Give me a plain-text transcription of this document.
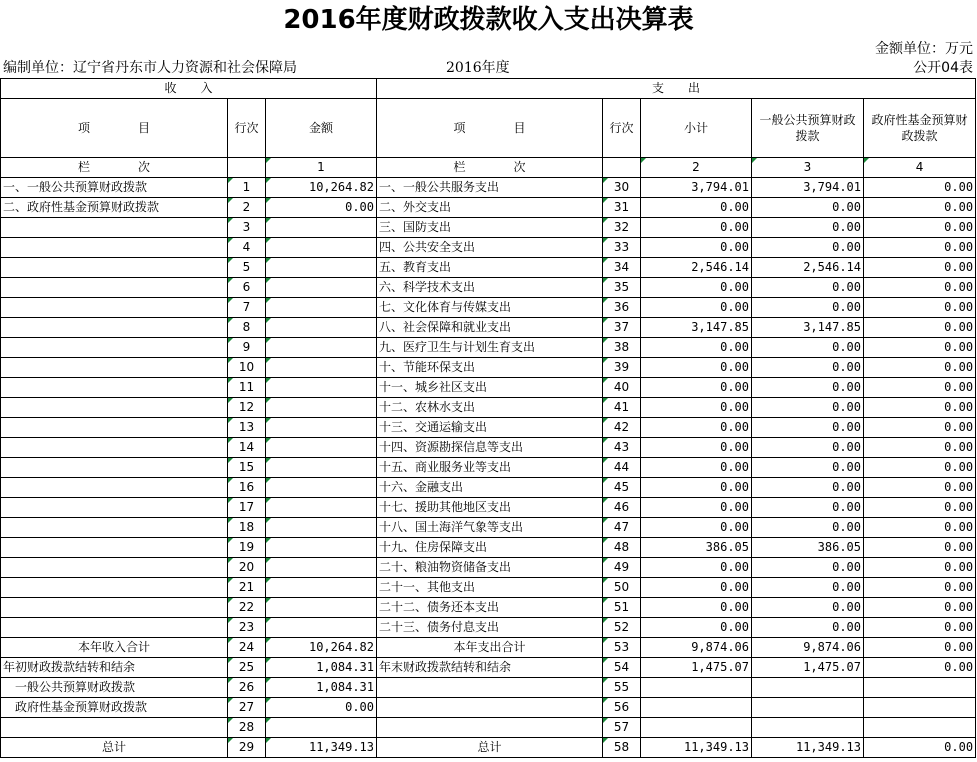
2016年度财政拨款收入支出决算表
金额单位：万元
编制单位：辽宁省丹东市人力资源和社会保障局	2016年度	公开04表
收　　入			支　　出				
项　　　　目	行次	金额	项　　　　目	行次	小计	一般公共预算财政拨款	政府性基金预算财政拨款
栏　　　　次		1	栏　　　　次		2	3	4
一、一般公共预算财政拨款	1	10,264.82	一、一般公共服务支出	30	3,794.01	3,794.01	0.00
二、政府性基金预算财政拨款	2	0.00	二、外交支出	31	0.00	0.00	0.00
	3		三、国防支出	32	0.00	0.00	0.00
	4		四、公共安全支出	33	0.00	0.00	0.00
	5		五、教育支出	34	2,546.14	2,546.14	0.00
	6		六、科学技术支出	35	0.00	0.00	0.00
	7		七、文化体育与传媒支出	36	0.00	0.00	0.00
	8		八、社会保障和就业支出	37	3,147.85	3,147.85	0.00
	9		九、医疗卫生与计划生育支出	38	0.00	0.00	0.00
	10		十、节能环保支出	39	0.00	0.00	0.00
	11		十一、城乡社区支出	40	0.00	0.00	0.00
	12		十二、农林水支出	41	0.00	0.00	0.00
	13		十三、交通运输支出	42	0.00	0.00	0.00
	14		十四、资源勘探信息等支出	43	0.00	0.00	0.00
	15		十五、商业服务业等支出	44	0.00	0.00	0.00
	16		十六、金融支出	45	0.00	0.00	0.00
	17		十七、援助其他地区支出	46	0.00	0.00	0.00
	18		十八、国土海洋气象等支出	47	0.00	0.00	0.00
	19		十九、住房保障支出	48	386.05	386.05	0.00
	20		二十、粮油物资储备支出	49	0.00	0.00	0.00
	21		二十一、其他支出	50	0.00	0.00	0.00
	22		二十二、债务还本支出	51	0.00	0.00	0.00
	23		二十三、债务付息支出	52	0.00	0.00	0.00
本年收入合计	24	10,264.82	本年支出合计	53	9,874.06	9,874.06	0.00
年初财政拨款结转和结余	25	1,084.31	年末财政拨款结转和结余	54	1,475.07	1,475.07	0.00
一般公共预算财政拨款	26	1,084.31		55			
政府性基金预算财政拨款	27	0.00		56			
	28			57			
总计	29	11,349.13	总计	58	11,349.13	11,349.13	0.00
